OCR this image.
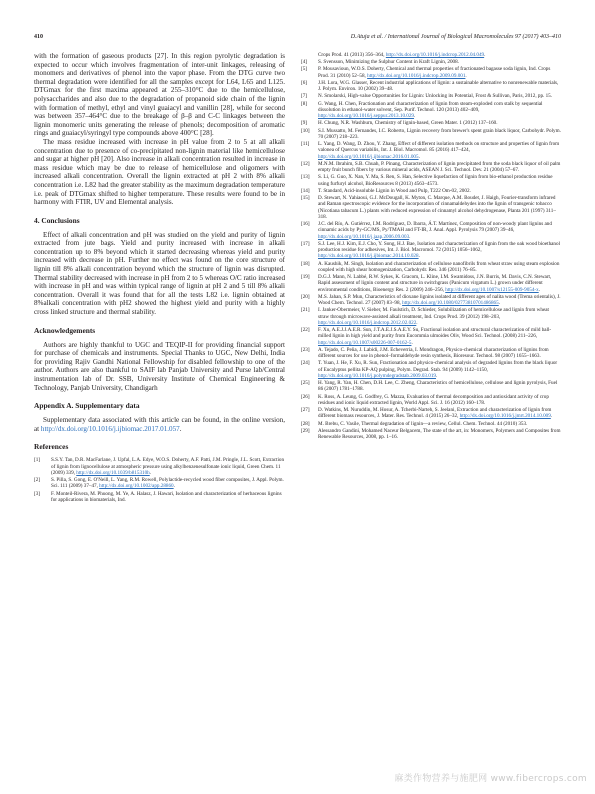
410	D.Atuja et al. / International Journal of Biological Macromolecules 97 (2017) 403–410

with the formation of gaseous products [27]. In this region pyrolytic degradation is expected to occur which involves fragmentation of inter-unit linkages, releasing of monomers and derivatives of phenol into the vapor phase. From the DTG curve two thermal degradation were identified for all the samples except for L64, L65 and L125. DTGmax for the first maxima appeared at 255–310°C due to the hemicellulose, polysaccharides and also due to the degradation of propanoid side chain of the lignin with formation of methyl, ethyl and vinyl guaiacyl and vanillin [28], while for second was between 357–464°C due to the breakage of β–β and C-C linkages between the lignin monomeric units generating the release of phenols; decomposition of aromatic rings and guaiacyl/syringyl type compounds above 400°C [28].

The mass residue increased with increase in pH value from 2 to 5 at all alkali concentration due to presence of co-precipitated non-lignin material like hemicellulose and sugar at higher pH [20]. Also increase in alkali concentration resulted in increase in mass residue which may be due to release of hemicellulose and oligomers with increased alkali concentration. Overall the lignin extracted at pH 2 with 8% alkali concentration i.e. L82 had the greater stability as the maximum degradation temperature i.e. peak of DTGmax shifted to higher temperature. These results were found to be in harmony with FTIR, UV and Elemental analysis.

4. Conclusions

Effect of alkali concentration and pH was studied on the yield and purity of lignin extracted from jute bags. Yield and purity increased with increase in alkali concentration up to 8% beyond which it started decreasing whereas yield and purity increased with decrease in pH. Further no effect was found on the core structure of lignin till 8% alkali concentration beyond which the structure of lignin was disrupted. Thermal stability decreased with increase in pH from 2 to 5 whereas O/C ratio increased with increase in pH and was within typical range of lignin at pH 2 and 5 till 8% alkali concentration. Overall it was found that for all the tests L82 i.e. lignin obtained at 8%alkali concentration with pH2 showed the highest yield and purity with a highly cross linked structure and thermal stability.

Acknowledgements

Authors are highly thankful to UGC and TEQIP-II for providing financial support for purchase of chemicals and instruments. Special Thanks to UGC, New Delhi, India for providing Rajiv Gandhi National Fellowship for disabled fellowship to one of the author. Authors are also thankful to SAIF lab Panjab University and Purse lab/Central instrumentation lab of Dr. SSB, University Institute of Chemical Engineering & Technology, Panjab University, Chandigarh

Appendix A. Supplementary data

Supplementary data associated with this article can be found, in the online version, at http://dx.doi.org/10.1016/j.ijbiomac.2017.01.057.

References
[1] S.S.Y. Tan, D.R. MacFarlane, J. Upfal, L.A. Edye, W.O.S. Doherty, A.F. Patti, J.M. Pringle, J.L. Scott, Extraction of lignin from lignocellulose at atmospheric pressure using alkylbenzenesulfonate ionic liquid, Green Chem. 11 (2009) 339, http://dx.doi.org/10.1039/b815310h.
[2] S. Pilla, S. Gong, E. O'Neill, L. Yang, R.M. Rowell, Polylactide-recycled wood fiber composites, J. Appl. Polym. Sci. 111 (2009) 37–47, http://dx.doi.org/10.1002/app.28860.
[3] F. Monteil-Rivera, M. Phuong, M. Ye, A. Halasz, J. Hawari, Isolation and characterization of herbaceous lignins for applications in biomaterials, Ind.
Crops Prod. 41 (2013) 356–364, http://dx.doi.org/10.1016/j.indcrop.2012.04.049.
[4] S. Svensson, Minimizing the Sulphur Content in Kraft Lignin, 2008.
[5] P. Mousavioun, W.O.S. Doherty, Chemical and thermal properties of fractionated bagasse soda lignin, Ind. Crops Prod. 31 (2010) 52–58, http://dx.doi.org/10.1016/j.indcrop.2009.09.001.
[6] J.H. Lora, W.G. Glasser, Recent industrial applications of lignin: a sustainable alternative to nonrenewable materials, J. Polym. Environ. 10 (2002) 39–48.
[7] N. Smolarski, High-value Opportunities for Lignin: Unlocking its Potential, Frost & Sullivan, Paris, 2012, pp. 15.
[8] G. Wang, H. Chen, Fractionation and characterization of lignin from steam-exploded corn stalk by sequential dissolution in ethanol-water solvent, Sep. Purif. Technol. 120 (2013) 402–409, http://dx.doi.org/10.1016/j.seppur.2013.10.029.
[9] H. Chung, N.R. Washburn, Chemistry of lignin-based, Green Mater. 1 (2012) 137–160.
[10] S.I. Mussatto, M. Fernandes, I.C. Roberto, Lignin recovery from brewer's spent grain black liquor, Carbohydr. Polym. 70 (2007) 218–223.
[11] L. Yang, D. Wang, D. Zhou, Y. Zhang, Effect of different isolation methods on structure and properties of lignin from valonea of Quercus variabilis, Int. J. Biol. Macromol. 85 (2016) 417–424, http://dx.doi.org/10.1016/j.ijbiomac.2016.01.005.
[12] M.N.M. Ibrahim, S.B. Chuah, P. Pinang, Characterization of lignin precipitated from the soda black liquor of oil palm empty fruit bunch fibers by various mineral acids, ASEAN J. Sci. Technol. Dev. 21 (2004) 57–67.
[13] S. Li, G. Guo, X. Nan, Y. Ma, S. Ren, S. Han, Selective liquefaction of lignin from bio-ethanol production residue using furfuryl alcohol, BioResources 8 (2013) 4563–4573.
[14] T. Standard, Acid-insoluble Lignin in Wood and Pulp, T222 Om-02, 2002.
[15] D. Stewart, N. Yahiaoui, G.J. McDougall, K. Myton, C. Marque, A.M. Boudet, J. Haigh, Fourier-transform infrared and Raman spectroscopic evidence for the incorporation of cinnamaldehydes into the lignin of transgenic tobacco (Nicotiana tabacum L.) plants with reduced expression of cinnamyl alcohol dehydrogenase, Planta 201 (1997) 311–318.
[16] J.C. del Río, A. Gutiérrez, I.M. Rodríguez, D. Ibarra, Á.T. Martínez, Composition of non-woody plant lignins and cinnamic acids by Py-GC/MS, Py/TMAH and FT-IR, J. Anal. Appl. Pyrolysis 79 (2007) 39–46, http://dx.doi.org/10.1016/j.jaap.2006.09.003.
[17] S.J. Lee, H.J. Kim, E.J. Cho, Y. Song, H.J. Bae, Isolation and characterization of lignin from the oak wood bioethanol production residue for adhesives, Int. J. Biol. Macromol. 72 (2015) 1056–1062, http://dx.doi.org/10.1016/j.ijbiomac.2014.10.028.
[18] A. Kaushik, M. Singh, Isolation and characterization of cellulose nanofibrils from wheat straw using steam explosion coupled with high shear homogenization, Carbohydr. Res. 346 (2011) 76–85.
[19] D.G.J. Mann, N. Labbé, R.W. Sykes, K. Gracom, L. Kline, I.M. Swamidoss, J.N. Burris, M. Davis, C.N. Stewart, Rapid assessment of lignin content and structure in switchgrass (Panicum virgatum L.) grown under different environmental conditions, Bioenergy Res. 2 (2009) 246–256, http://dx.doi.org/10.1007/s12155-009-9054-x.
[20] M.S. Jahan, S.P. Mun, Characteristics of dioxane lignins isolated at different ages of nalita wood (Trema orientalis), J. Wood Chem. Technol. 27 (2007) 83–98, http://dx.doi.org/10.1080/02773810701486865.
[21] I. Janker-Obermeier, V. Sieber, M. Faulstich, D. Schieder, Solubilization of hemicellulose and lignin from wheat straw through microwave-assisted alkali treatment, Ind. Crops Prod. 39 (2012) 198–203, http://dx.doi.org/10.1016/j.indcrop.2012.02.022.
[22] F. Xu, A.E.J.J.A.E.R. Sun, J.T.A.E.J.S.A.E.Y. Su, Fractional isolation and structural characterization of mild ball-milled lignin in high yield and purity from Eucommia ulmoides Oliv, Wood Sci. Technol. (2008) 211–226, http://dx.doi.org/10.1007/s00226-007-0162-5.
[23] A. Tejado, C. Peña, J. Labidi, J.M. Echeverria, I. Mondragon, Physico-chemical characterization of lignins from different sources for use in phenol–formaldehyde resin synthesis, Bioresour. Technol. 98 (2007) 1655–1663.
[24] T. Yuan, J. He, F. Xu, R. Sun, Fractionation and physico-chemical analysis of degraded lignins from the black liquor of Eucalyptus pellita KP-AQ pulping, Polym. Degrad. Stab. 94 (2009) 1142–1150, http://dx.doi.org/10.1016/j.polymdegradstab.2009.03.019.
[25] H. Yang, R. Yan, H. Chen, D.H. Lee, C. Zheng, Characteristics of hemicellulose, cellulose and lignin pyrolysis, Fuel 86 (2007) 1781–1788.
[26] K. Ross, A. Leung, G. Godfrey, G. Mazza, Evaluation of thermal decomposition and antioxidant activity of crop residues and ionic liquid extracted lignin, World Appl. Sci. J. 16 (2012) 160–178.
[27] D. Watkins, M. Nuruddin, M. Hosur, A. Tcherbi-Narteh, S. Jeelani, Extraction and characterization of lignin from different biomass resources, J. Mater. Res. Technol. 4 (2015) 26–32, http://dx.doi.org/10.1016/j.jmrt.2014.10.009.
[28] M. Brebu, C. Vasile, Thermal degradation of lignin—a review, Cellul. Chem. Technol. 44 (2010) 353.
[29] Alessandro Gandini, Mohamed Naceur Belgacem, The state of the art, in: Monomers, Polymers and Composites from Renewable Resources, 2008, pp. 1–16.
麻类作物营养与施肥网 www.fibercrops.com
